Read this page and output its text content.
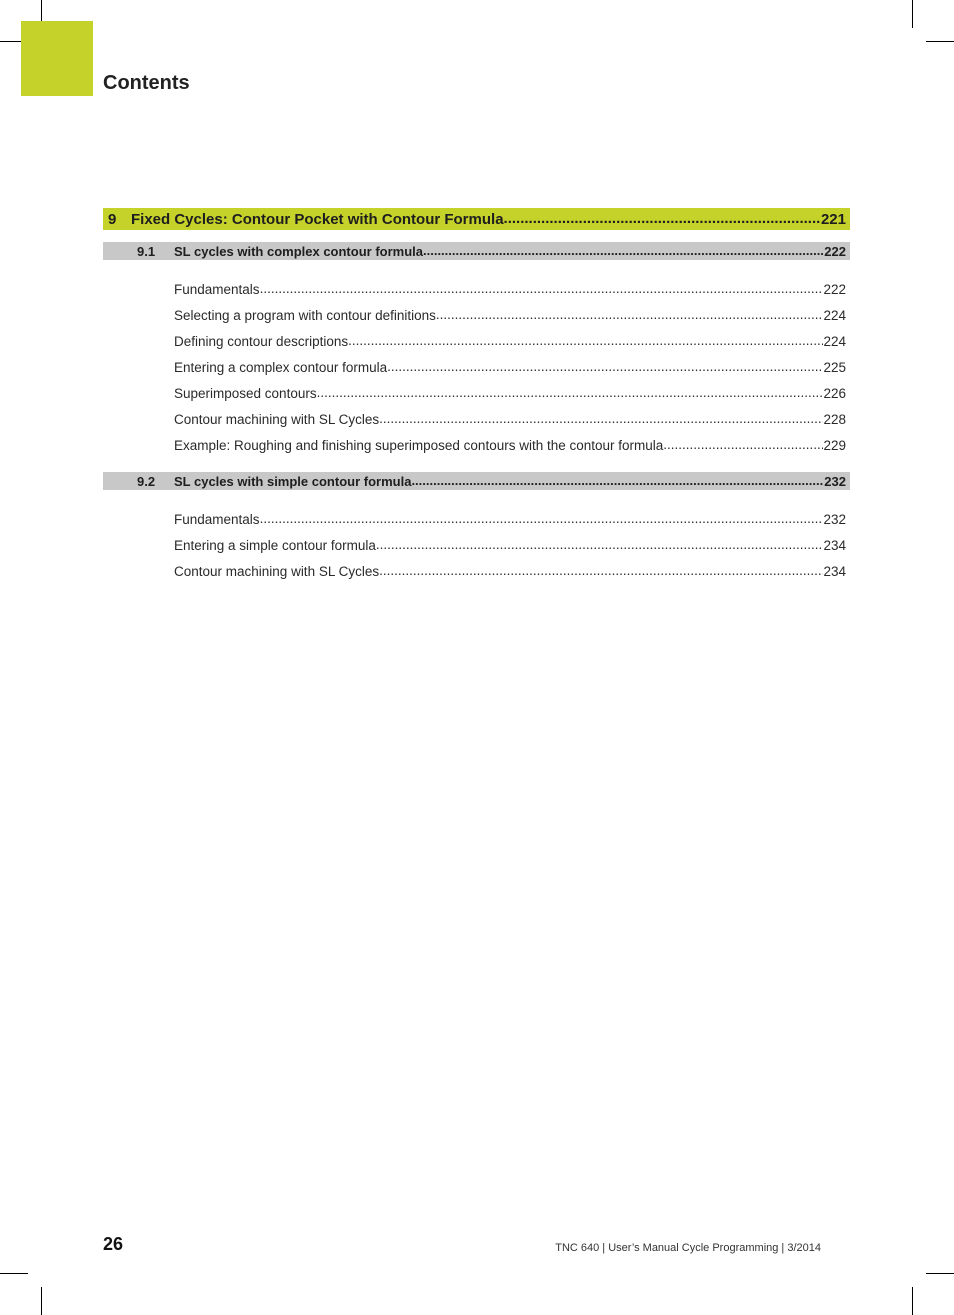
Contents
9 Fixed Cycles: Contour Pocket with Contour Formula .....	221
9.1	SL cycles with complex contour formula .....	222
Fundamentals .....	222
Selecting a program with contour definitions .....	224
Defining contour descriptions .....	224
Entering a complex contour formula .....	225
Superimposed contours .....	226
Contour machining with SL Cycles .....	228
Example: Roughing and finishing superimposed contours with the contour formula .....	229
9.2	SL cycles with simple contour formula .....	232
Fundamentals .....	232
Entering a simple contour formula .....	234
Contour machining with SL Cycles .....	234
26	TNC 640 | User’s Manual Cycle Programming | 3/2014
